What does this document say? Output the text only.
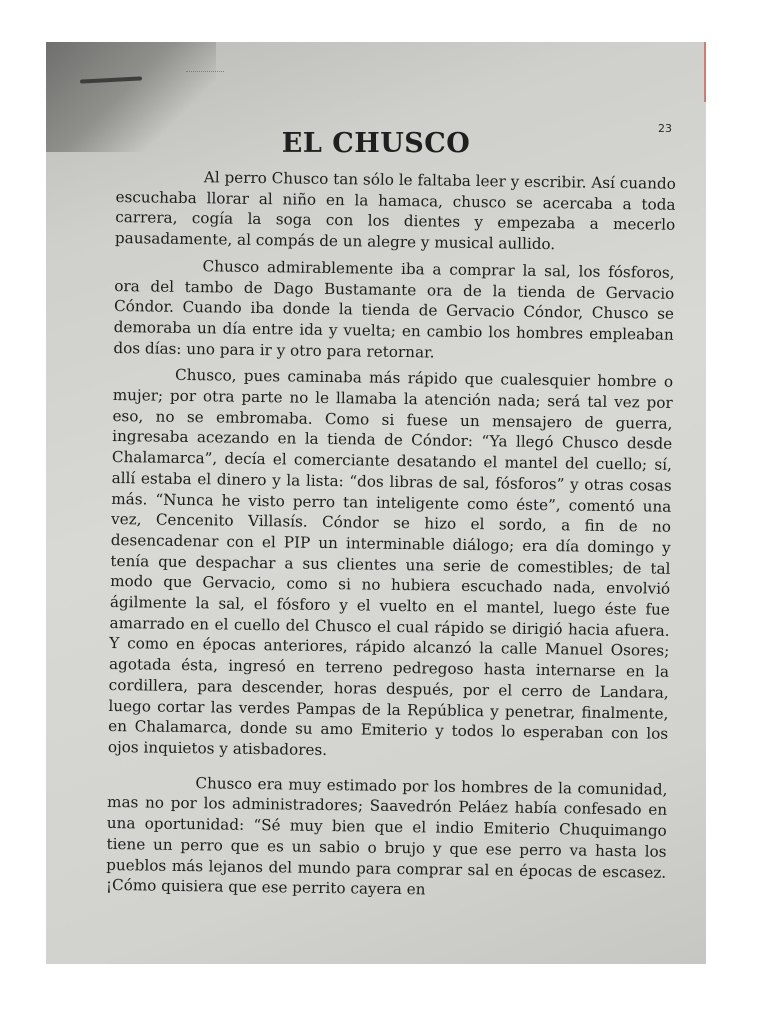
23
EL CHUSCO

Al perro Chusco tan sólo le faltaba leer y escribir. Así cuando escuchaba llorar al niño en la hamaca, chusco se acercaba a toda carrera, cogía la soga con los dientes y empezaba a mecerlo pausadamente, al compás de un alegre y musical aullido.

Chusco admirablemente iba a comprar la sal, los fósforos, ora del tambo de Dago Bustamante ora de la tienda de Gervacio Cóndor. Cuando iba donde la tienda de Gervacio Cóndor, Chusco se demoraba un día entre ida y vuelta; en cambio los hombres empleaban dos días: uno para ir y otro para retornar.

Chusco, pues caminaba más rápido que cualesquier hombre o mujer; por otra parte no le llamaba la atención nada; será tal vez por eso, no se embromaba. Como si fuese un mensajero de guerra, ingresaba acezando en la tienda de Cóndor: “Ya llegó Chusco desde Chalamarca”, decía el comerciante desatando el mantel del cuello; sí, allí estaba el dinero y la lista: “dos libras de sal, fósforos” y otras cosas más. “Nunca he visto perro tan inteligente como éste”, comentó una vez, Cencenito Villasís. Cóndor se hizo el sordo, a fin de no desencadenar con el PIP un interminable diálogo; era día domingo y tenía que despachar a sus clientes una serie de comestibles; de tal modo que Gervacio, como si no hubiera escuchado nada, envolvió ágilmente la sal, el fósforo y el vuelto en el mantel, luego éste fue amarrado en el cuello del Chusco el cual rápido se dirigió hacia afuera. Y como en épocas anteriores, rápido alcanzó la calle Manuel Osores; agotada ésta, ingresó en terreno pedregoso hasta internarse en la cordillera, para descender, horas después, por el cerro de Landara, luego cortar las verdes Pampas de la República y penetrar, finalmente, en Chalamarca, donde su amo Emiterio y todos lo esperaban con los ojos inquietos y atisbadores.

Chusco era muy estimado por los hombres de la comunidad, mas no por los administradores; Saavedrón Peláez había confesado en una oportunidad: “Sé muy bien que el indio Emiterio Chuquimango tiene un perro que es un sabio o brujo y que ese perro va hasta los pueblos más lejanos del mundo para comprar sal en épocas de escasez. ¡Cómo quisiera que ese perrito cayera en
